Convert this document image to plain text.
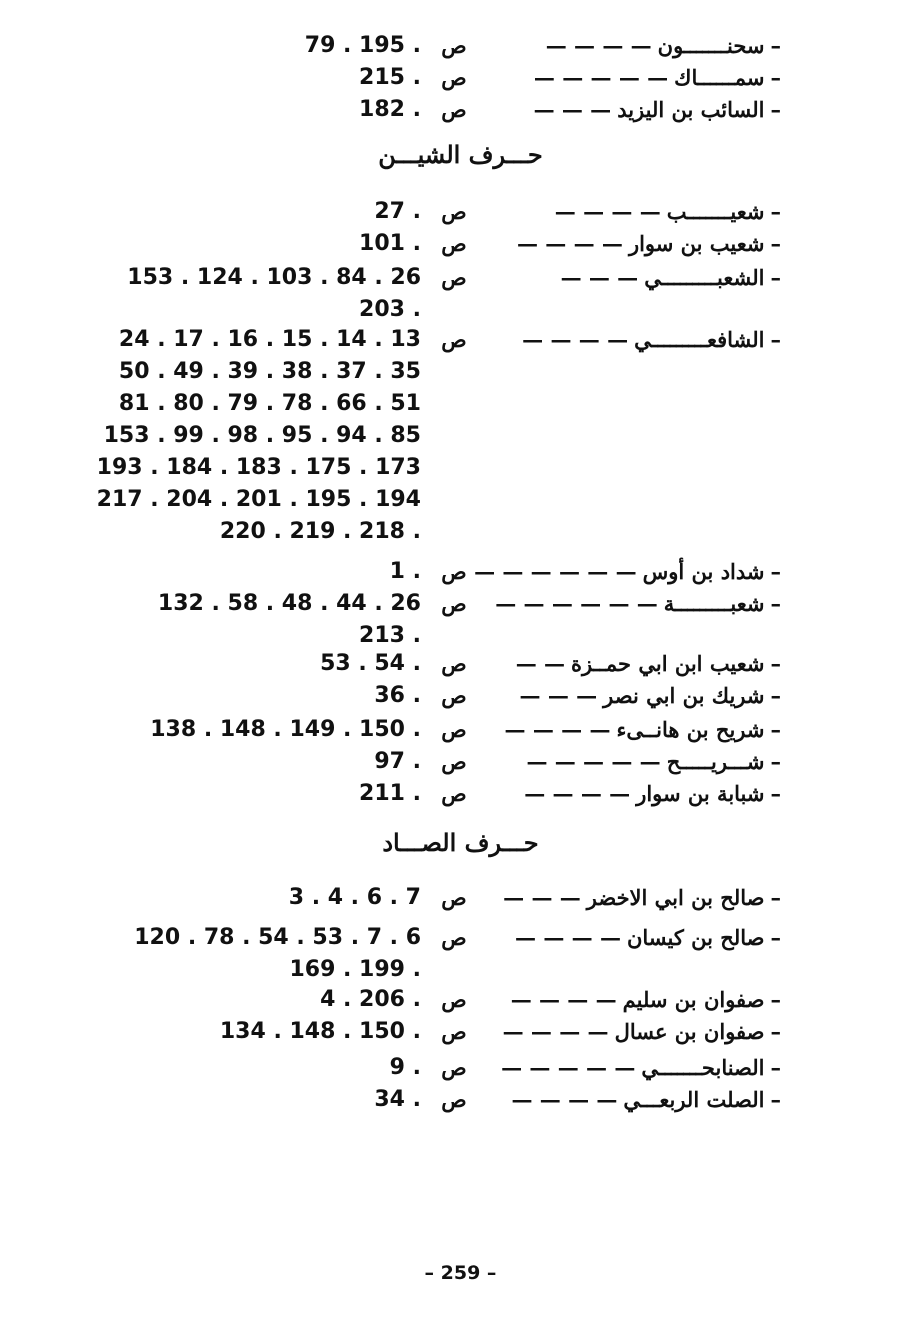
–سحنـــــــون— — — —
ص
79 . 195 .
–سمــــــاك— — — — —
ص
215 .
–السائب بن اليزيد— — —
ص
182 .
حـــرف الشيـــن
–شعيـــــــب— — — —
ص
27 .
–شعيب بن سوار— — — —
ص
101 .
–الشعبـــــــــي— — —
ص
153 . 124 . 103 . 84 . 26
203 .
–الشافعـــــــــي— — — —
ص
24 . 17 . 16 . 15 . 14 . 13
50 . 49 . 39 . 38 . 37 . 35
81 . 80 . 79 . 78 . 66 . 51
153 . 99 . 98 . 95 . 94 . 85
193 . 184 . 183 . 175 . 173
217 . 204 . 201 . 195 . 194
220 . 219 . 218 .
–شداد بن أوس— — — — — —
ص
1 .
–شعبـــــــــة— — — — — —
ص
132 . 58 . 48 . 44 . 26
213 .
–شعيب ابن ابي حمــزة— —
ص
53 . 54 .
–شريك بن ابي نصر— — —
ص
36 .
–شريح بن هانــىء— — — —
ص
138 . 148 . 149 . 150 .
–شـــريـــــح— — — — —
ص
97 .
–شبابة بن سوار— — — —
ص
211 .
حـــرف الصـــاد
–صالح بن ابي الاخضر— — —
ص
3 . 4 . 6 . 7
–صالح بن كيسان— — — —
ص
120 . 78 . 54 . 53 . 7 . 6
169 . 199 .
–صفوان بن سليم— — — —
ص
4 . 206 .
–صفوان بن عسال— — — —
ص
134 . 148 . 150 .
–الصنابحـــــــي— — — — —
ص
9 .
–الصلت الربعـــي— — — —
ص
34 .
– 259 –
